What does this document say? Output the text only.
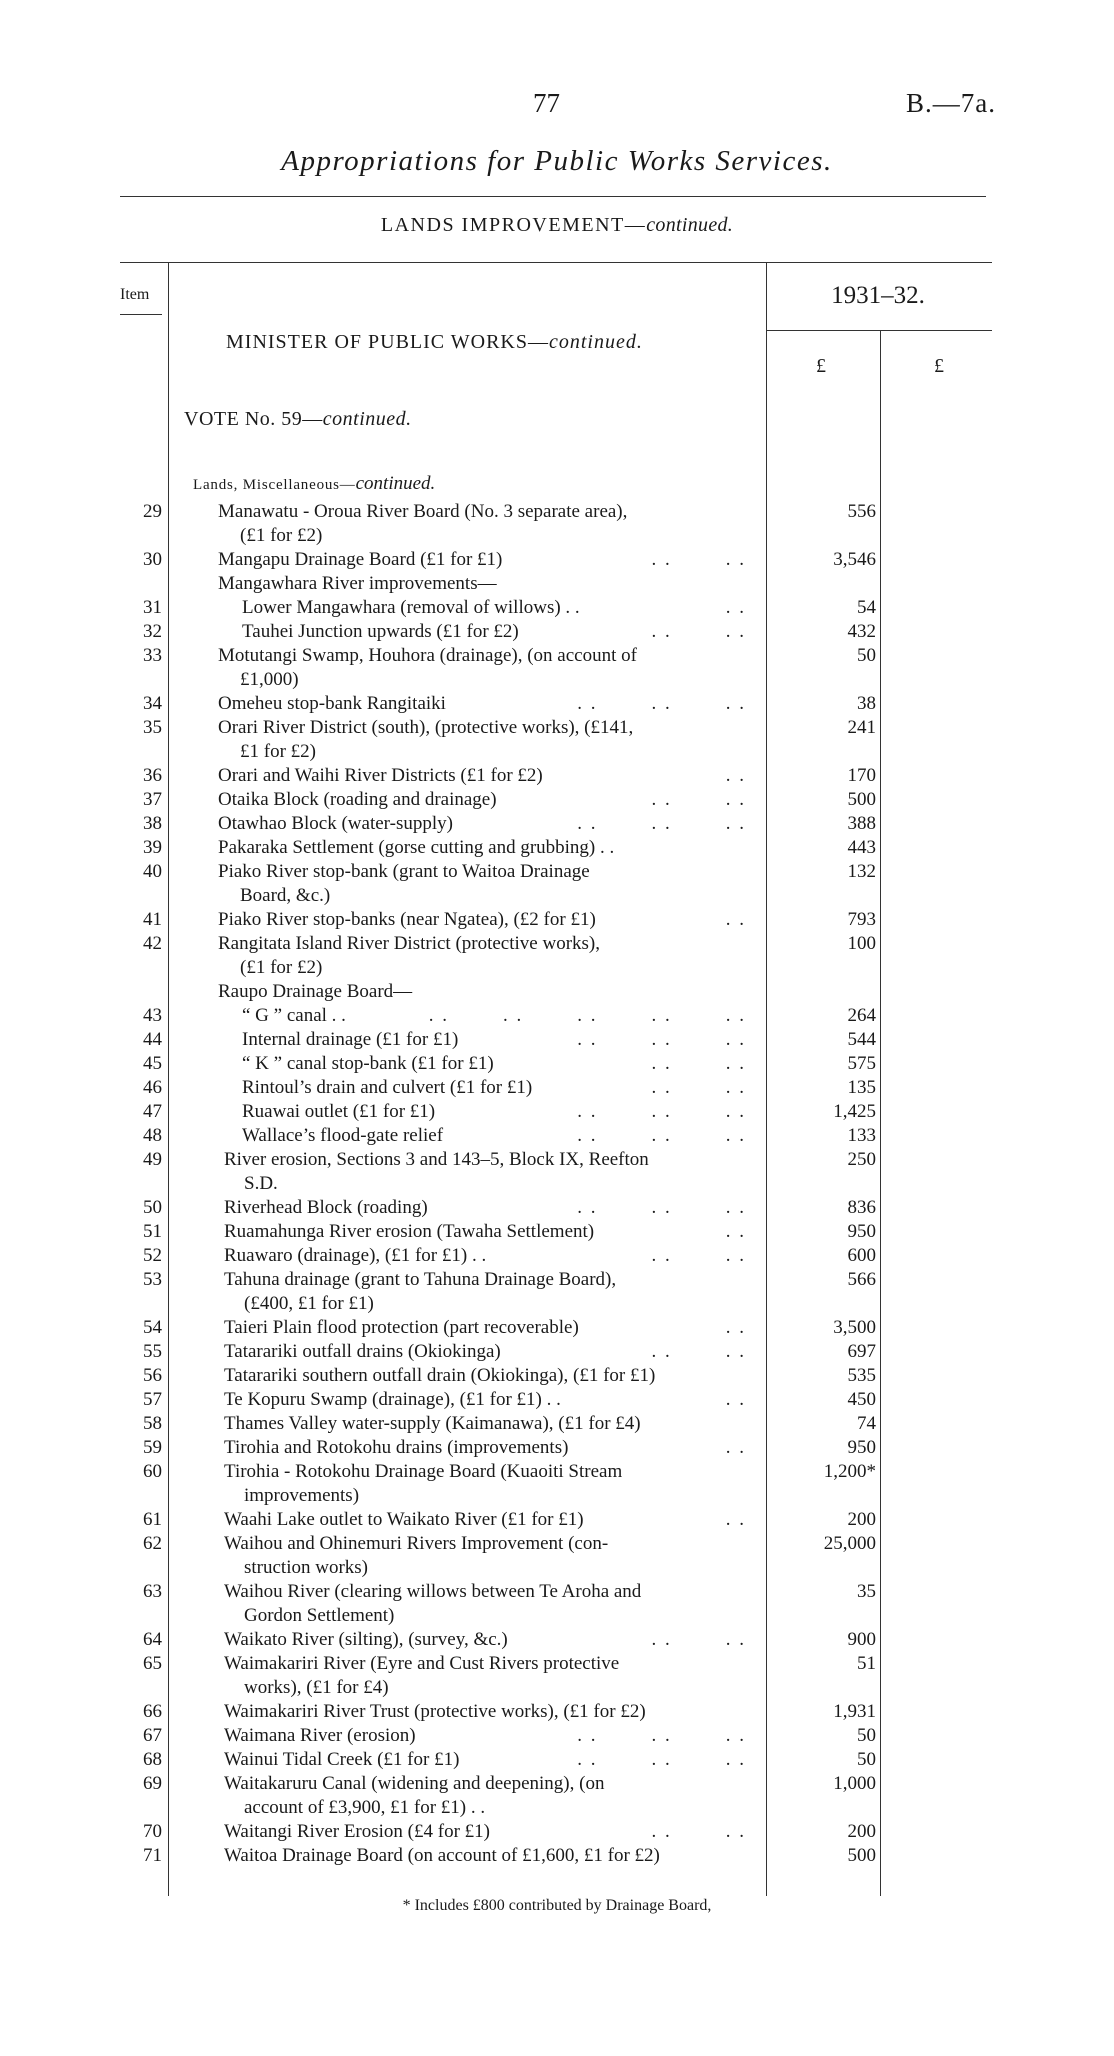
77	B.—7a.
Appropriations for Public Works Services.
LANDS IMPROVEMENT—continued.
Item	1931–32.
£	£
MINISTER OF PUBLIC WORKS—continued.
VOTE No. 59—continued.
Lands, Miscellaneous—continued.
29	Manawatu - Oroua River Board (No. 3 separate area),	556
(£1 for £2)
30	Mangapu Drainage Board (£1 for £1)	. .        . .	3,546
Mangawhara River improvements—
31	Lower Mangawhara (removal of willows) . .	. .	54
32	Tauhei Junction upwards (£1 for £2)	. .        . .	432
33	Motutangi Swamp, Houhora (drainage), (on account of	50
£1,000)
34	Omeheu stop-bank Rangitaiki	. .        . .        . .	38
35	Orari River District (south), (protective works), (£141,	241
£1 for £2)
36	Orari and Waihi River Districts (£1 for £2)	. .	170
37	Otaika Block (roading and drainage)	. .        . .	500
38	Otawhao Block (water-supply)	. .        . .        . .	388
39	Pakaraka Settlement (gorse cutting and grubbing) . .	443
40	Piako River stop-bank (grant to Waitoa Drainage	132
Board, &c.)
41	Piako River stop-banks (near Ngatea), (£2 for £1)	. .	793
42	Rangitata Island River District (protective works),	100
(£1 for £2)
Raupo Drainage Board—
43	“ G ” canal . .	. .        . .        . .        . .        . .	264
44	Internal drainage (£1 for £1)	. .        . .        . .	544
45	“ K ” canal stop-bank (£1 for £1)	. .        . .	575
46	Rintoul’s drain and culvert (£1 for £1)	. .        . .	135
47	Ruawai outlet (£1 for £1)	. .        . .        . .	1,425
48	Wallace’s flood-gate relief	. .        . .        . .	133
49	River erosion, Sections 3 and 143–5, Block IX, Reefton	250
S.D.
50	Riverhead Block (roading)	. .        . .        . .	836
51	Ruamahunga River erosion (Tawaha Settlement)	. .	950
52	Ruawaro (drainage), (£1 for £1) . .	. .        . .	600
53	Tahuna drainage (grant to Tahuna Drainage Board),	566
(£400, £1 for £1)
54	Taieri Plain flood protection (part recoverable)	. .	3,500
55	Tatarariki outfall drains (Okiokinga)	. .        . .	697
56	Tatarariki southern outfall drain (Okiokinga), (£1 for £1)	535
57	Te Kopuru Swamp (drainage), (£1 for £1) . .	. .	450
58	Thames Valley water-supply (Kaimanawa), (£1 for £4)	74
59	Tirohia and Rotokohu drains (improvements)	. .	950
60	Tirohia - Rotokohu Drainage Board (Kuaoiti Stream	1,200*
improvements)
61	Waahi Lake outlet to Waikato River (£1 for £1)	. .	200
62	Waihou and Ohinemuri Rivers Improvement (con-	25,000
struction works)
63	Waihou River (clearing willows between Te Aroha and	35
Gordon Settlement)
64	Waikato River (silting), (survey, &c.)	. .        . .	900
65	Waimakariri River (Eyre and Cust Rivers protective	51
works), (£1 for £4)
66	Waimakariri River Trust (protective works), (£1 for £2)	1,931
67	Waimana River (erosion)	. .        . .        . .	50
68	Wainui Tidal Creek (£1 for £1)	. .        . .        . .	50
69	Waitakaruru Canal (widening and deepening), (on	1,000
account of £3,900, £1 for £1) . .
70	Waitangi River Erosion (£4 for £1)	. .        . .	200
71	Waitoa Drainage Board (on account of £1,600, £1 for £2)	500
* Includes £800 contributed by Drainage Board,
